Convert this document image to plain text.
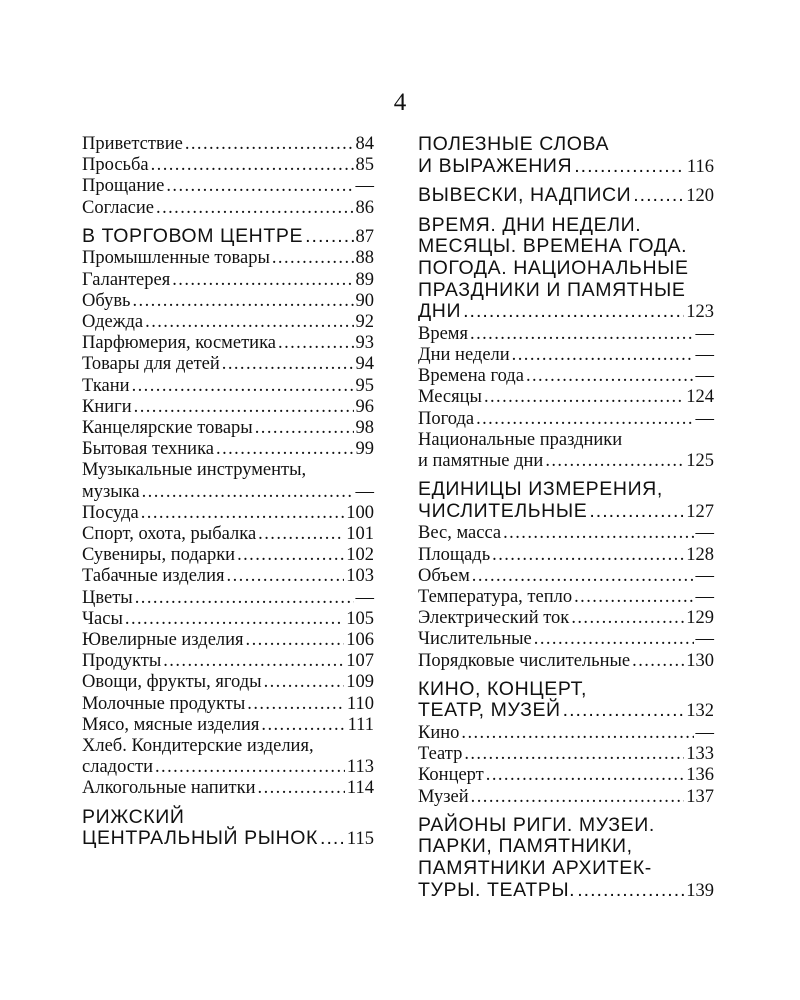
4
Приветствие . . .	84
Просьба . . .	85
Прощание . . .	—
Согласие . . .	86
В ТОРГОВОМ ЦЕНТРЕ . . .	87
Промышленные товары . . .	88
Галантерея . . .	89
Обувь . . .	90
Одежда . . .	92
Парфюмерия, косметика . . .	93
Товары для детей . . .	94
Ткани . . .	95
Книги . . .	96
Канцелярские товары . . .	98
Бытовая техника . . .	99
Музыкальные инструменты,
музыка . . .	—
Посуда . . .	100
Спорт, охота, рыбалка . . .	101
Сувениры, подарки . . .	102
Табачные изделия . . .	103
Цветы . . .	—
Часы . . .	105
Ювелирные изделия . . .	106
Продукты . . .	107
Овощи, фрукты, ягоды . . .	109
Молочные продукты . . .	110
Мясо, мясные изделия . . .	111
Хлеб. Кондитерские изделия,
сладости . . .	113
Алкогольные напитки . . .	114
РИЖСКИЙ
ЦЕНТРАЛЬНЫЙ РЫНОК . . . 115
ПОЛЕЗНЫЕ СЛОВА
И ВЫРАЖЕНИЯ . . .	116
ВЫВЕСКИ, НАДПИСИ . . .	120
ВРЕМЯ. ДНИ НЕДЕЛИ.
МЕСЯЦЫ. ВРЕМЕНА ГОДА.
ПОГОДА. НАЦИОНАЛЬНЫЕ
ПРАЗДНИКИ И ПАМЯТНЫЕ
ДНИ . . .	123
Время . . .	—
Дни недели . . .	—
Времена года . . .	—
Месяцы . . .	124
Погода . . .	—
Национальные праздники
и памятные дни . . .	125
ЕДИНИЦЫ ИЗМЕРЕНИЯ,
ЧИСЛИТЕЛЬНЫЕ . . .	127
Вес, масса . . .	—
Площадь . . .	128
Объем . . .	—
Температура, тепло . . .	—
Электрический ток . . .	129
Числительные . . .	—
Порядковые числительные . . .	130
КИНО, КОНЦЕРТ,
ТЕАТР, МУЗЕЙ . . .	132
Кино . . .	—
Театр . . .	133
Концерт . . .	136
Музей . . .	137
РАЙОНЫ РИГИ. МУЗЕИ.
ПАРКИ, ПАМЯТНИКИ,
ПАМЯТНИКИ АРХИТЕК-
ТУРЫ. ТЕАТРЫ. . . .	139
